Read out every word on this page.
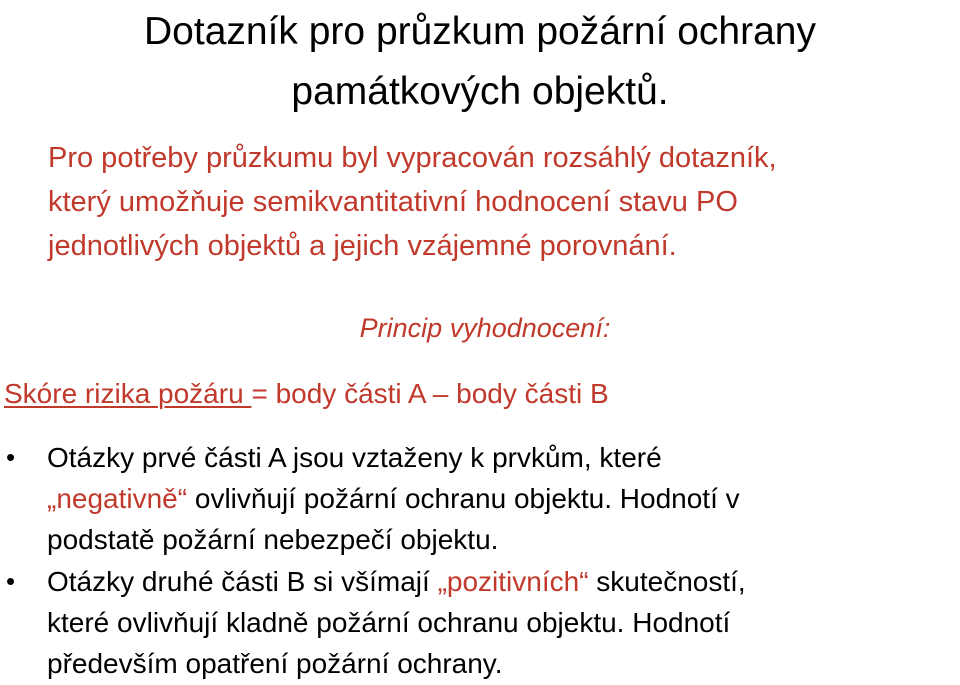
Dotazník pro průzkum požární ochrany
památkových objektů.
Pro potřeby průzkumu byl vypracován rozsáhlý dotazník,
který umožňuje semikvantitativní hodnocení stavu PO
jednotlivých objektů a jejich vzájemné porovnání.
Princip vyhodnocení:
Skóre rizika požáru = body části A – body části B
• Otázky prvé části A jsou vztaženy k prvkům, které
„negativně“ ovlivňují požární ochranu objektu. Hodnotí v
podstatě požární nebezpečí objektu.
• Otázky druhé části B si všímají „pozitivních“ skutečností,
které ovlivňují kladně požární ochranu objektu. Hodnotí
především opatření požární ochrany.
